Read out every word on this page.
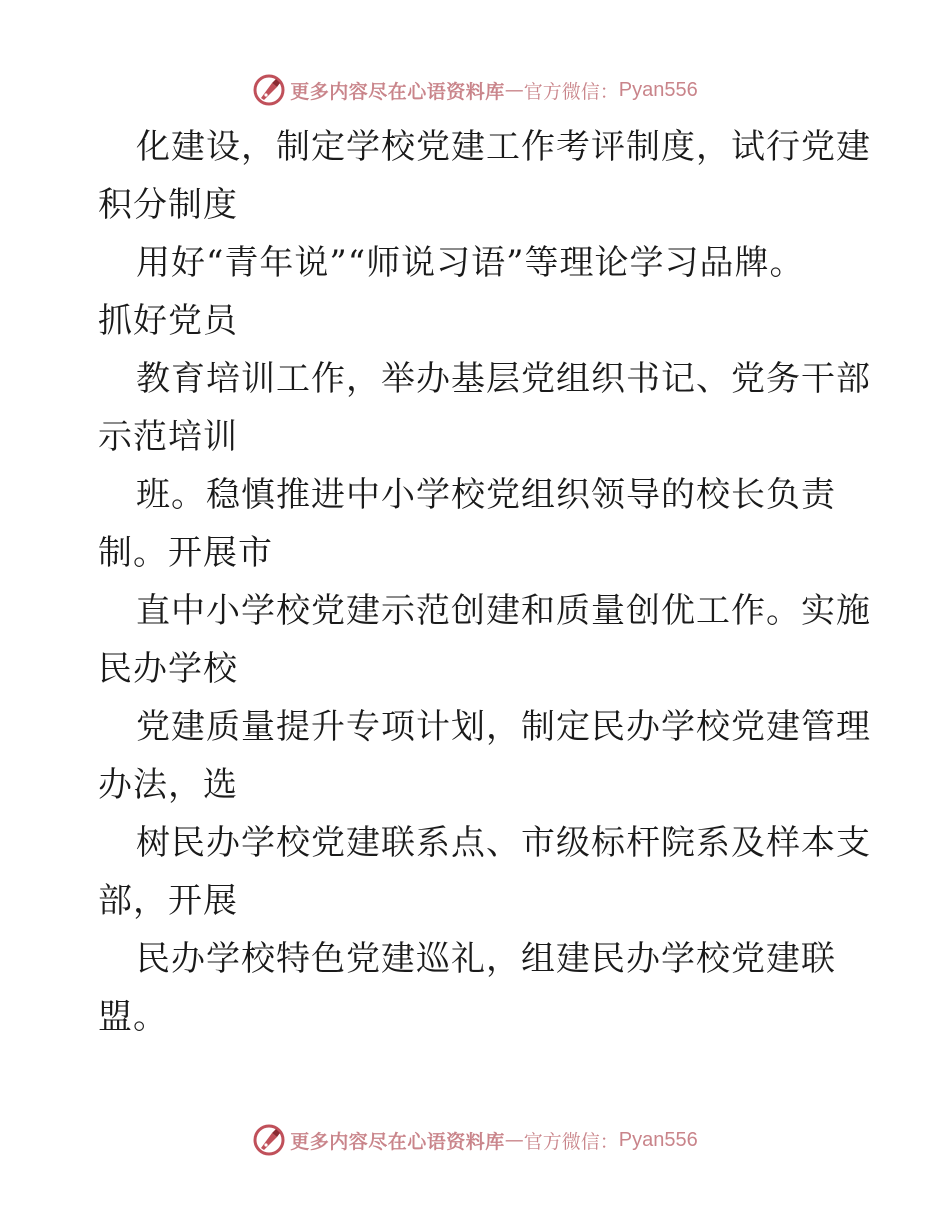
更多内容尽在心语资料库 — 官方微信： Pyan556
化建设，制定学校党建工作考评制度，试行党建
积分制度
用好“青年说”“师说习语”等理论学习品牌。
抓好党员
教育培训工作，举办基层党组织书记、党务干部
示范培训
班。稳慎推进中小学校党组织领导的校长负责
制。开展市
直中小学校党建示范创建和质量创优工作。实施
民办学校
党建质量提升专项计划，制定民办学校党建管理
办法，选
树民办学校党建联系点、市级标杆院系及样本支
部，开展
民办学校特色党建巡礼，组建民办学校党建联
盟。
更多内容尽在心语资料库 — 官方微信： Pyan556
